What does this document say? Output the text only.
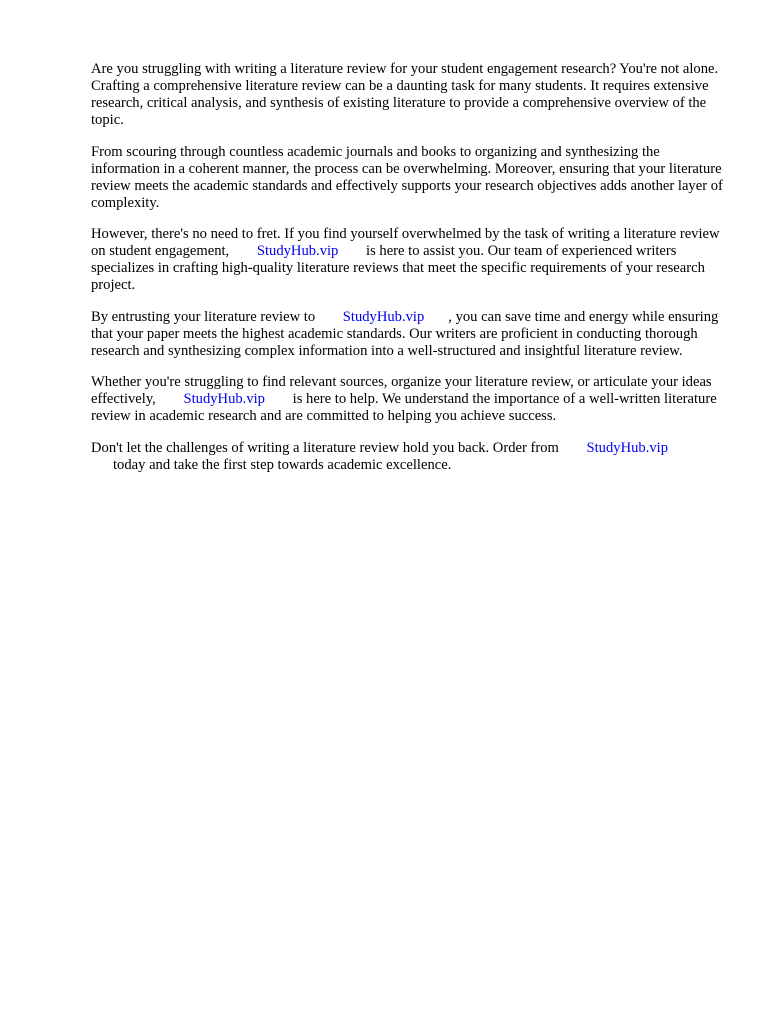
Are you struggling with writing a literature review for your student engagement research? You're not alone. Crafting a comprehensive literature review can be a daunting task for many students. It requires extensive research, critical analysis, and synthesis of existing literature to provide a comprehensive overview of the topic.

From scouring through countless academic journals and books to organizing and synthesizing the information in a coherent manner, the process can be overwhelming. Moreover, ensuring that your literature review meets the academic standards and effectively supports your research objectives adds another layer of complexity.

However, there's no need to fret. If you find yourself overwhelmed by the task of writing a literature review on student engagement, StudyHub.vip is here to assist you. Our team of experienced writers specializes in crafting high-quality literature reviews that meet the specific requirements of your research project.

By entrusting your literature review to StudyHub.vip , you can save time and energy while ensuring that your paper meets the highest academic standards. Our writers are proficient in conducting thorough research and synthesizing complex information into a well-structured and insightful literature review.

Whether you're struggling to find relevant sources, organize your literature review, or articulate your ideas effectively, StudyHub.vip is here to help. We understand the importance of a well-written literature review in academic research and are committed to helping you achieve success.

Don't let the challenges of writing a literature review hold you back. Order from StudyHub.vip
today and take the first step towards academic excellence.
